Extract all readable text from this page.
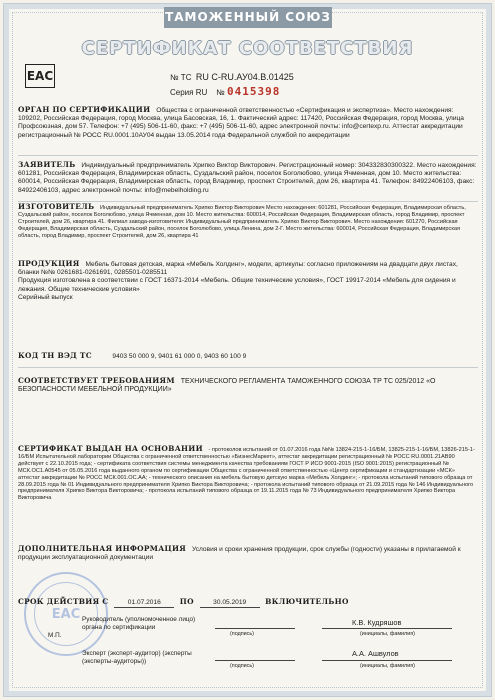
ТАМОЖЕННЫЙ СОЮЗ
СЕРТИФИКАТ СООТВЕТСТВИЯ
EAC	№ ТС RU C-RU.АУ04.В.01425
Серия RU № 0415398
ОРГАН ПО СЕРТИФИКАЦИИ Общества с ограниченной ответственностью «Сертификация и экспертиза». Место нахождения: 109202, Российская Федерация, город Москва, улица Басовская, 16, 1. Фактический адрес: 117420, Российская Федерация, город Москва, улица Профсоюзная, дом 57. Телефон: +7 (495) 506-11-60, факс: +7 (495) 506-11-60, адрес электронной почты: info@certexp.ru. Аттестат аккредитации регистрационный № РОСС RU.0001.10АУ04 выдан 13.05.2014 года Федеральной службой по аккредитации
ЗАЯВИТЕЛЬ Индивидуальный предприниматель Хрипко Виктор Викторович. Регистрационный номер: 304332830300322. Место нахождения: 601281, Российская Федерация, Владимирская область, Суздальский район, поселок Боголюбово, улица Ячменная, дом 10. Место жительства: 600014, Российская Федерация, Владимирская область, город Владимир, проспект Строителей, дом 26, квартира 41. Телефон: 84922406103, факс: 84922406103, адрес электронной почты: info@mebelholding.ru
ИЗГОТОВИТЕЛЬ Индивидуальный предприниматель Хрипко Виктор Викторович Место нахождения: 601281, Российская Федерация, Владимирская область, Суздальский район, поселок Боголюбово, улица Ячменная, дом 10. Место жительства: 600014, Российская Федерация, Владимирская область, город Владимир, проспект Строителей, дом 26, квартира 41. Филиал завода-изготовителя: Индивидуальный предприниматель Хрипко Виктор Викторович. Место нахождения: 601270, Российская Федерация, Владимирская область, Суздальский район, поселок Боголюбово, улица Ленина, дом 2-Г. Место жительства: 600014, Российская Федерация, Владимирская область, город Владимир, проспект Строителей, дом 26, квартира 41
ПРОДУКЦИЯ Мебель бытовая детская, марка «Мебель Холдинг», модели, артикулы: согласно приложениям на двадцати двух листах, бланки №№ 0261681-0261691, 0285501-0285511
Продукция изготовлена в соответствии с ГОСТ 16371-2014 «Мебель. Общие технические условия», ГОСТ 19917-2014 «Мебель для сидения и лежания. Общие технические условия»
Серийный выпуск
КОД ТН ВЭД ТС	9403 50 000 9, 9401 61 000 0, 9403 60 100 9
СООТВЕТСТВУЕТ ТРЕБОВАНИЯМ ТЕХНИЧЕСКОГО РЕГЛАМЕНТА ТАМОЖЕННОГО СОЮЗА ТР ТС 025/2012 «О БЕЗОПАСНОСТИ МЕБЕЛЬНОЙ ПРОДУКЦИИ»
СЕРТИФИКАТ ВЫДАН НА ОСНОВАНИИ - протоколов испытаний от 01.07.2016 года №№ 13824-215-1-16/БМ, 13825-215-1-16/БМ, 13826-215-1-16/БМ Испытательной лаборатории Общества с ограниченной ответственностью «БизнесМаркет», аттестат аккредитации регистрационный № РОСС RU.0001.21АВ90 действует с 22.10.2015 года; - сертификата соответствия системы менеджмента качества требованиям ГОСТ Р ИСО 9001-2015 (ISO 9001:2015) регистрационный № МСК.ОС1.А0545 от 05.05.2016 года выданного органом по сертификации Общества с ограниченной ответственностью «Центр сертификации и стандартизации «МСК» аттестат аккредитации № РОСС МСК.001.ОС.АА; - технического описания на мебель бытовую детскую марка «Мебель Холдинг»; - протокола испытаний типового образца от 28.09.2015 года № 01 Индивидуального предпринимателя Хрипко Виктора Викторовича; - протокола испытаний типового образца от 21.09.2015 года № 146 Индивидуального предпринимателя Хрипко Виктора Викторовича; - протокола испытаний типового образца от 19.11.2015 года № 73 Индивидуального предпринимателя Хрипко Виктора Викторовича
ДОПОЛНИТЕЛЬНАЯ ИНФОРМАЦИЯ Условия и сроки хранения продукции, срок службы (годности) указаны в прилагаемой к продукции эксплуатационной документации
EAC
СРОК ДЕЙСТВИЯ С	01.07.2016	ПО	30.05.2019	ВКЛЮЧИТЕЛЬНО
Руководитель (уполномоченное лицо) органа по сертификации
(подпись)
К.В. Кудряшов
(инициалы, фамилия)
М.П.
Эксперт (эксперт-аудитор) (эксперты (эксперты-аудиторы))
(подпись)
А.А. Ашвулов
(инициалы, фамилия)
